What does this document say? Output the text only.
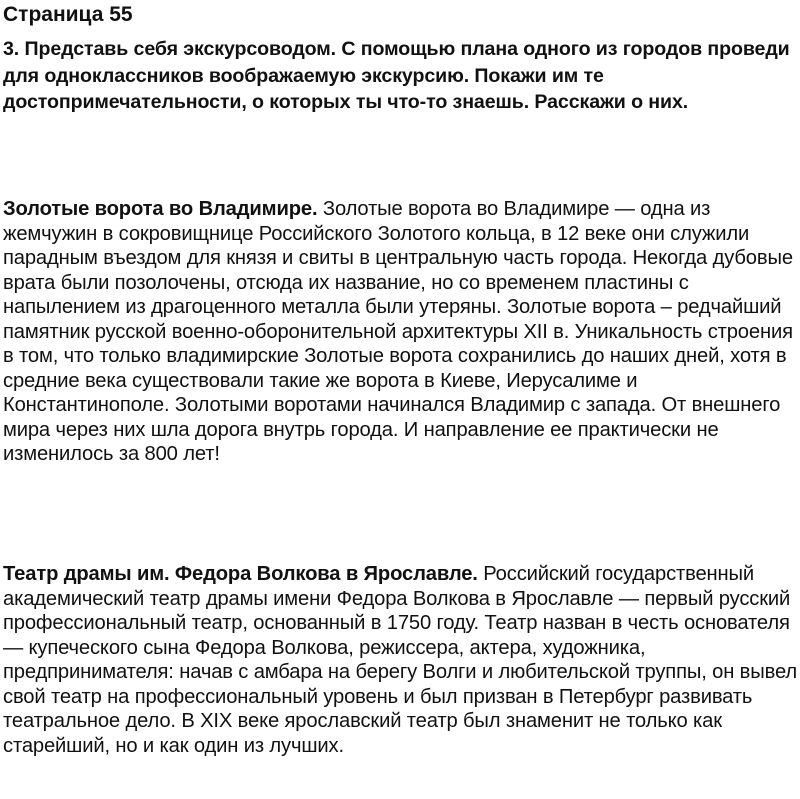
Страница 55
3. Представь себя экскурсоводом. С помощью плана одного из городов проведи для одноклассников воображаемую экскурсию. Покажи им те достопримечательности, о которых ты что-то знаешь. Расскажи о них.

Золотые ворота во Владимире. Золотые ворота во Владимире — одна из жемчужин в сокровищнице Российского Золотого кольца, в 12 веке они служили парадным въездом для князя и свиты в центральную часть города. Некогда дубовые врата были позолочены, отсюда их название, но со временем пластины с напылением из драгоценного металла были утеряны. Золотые ворота – редчайший памятник русской военно-оборонительной архитектуры XII в. Уникальность строения в том, что только владимирские Золотые ворота сохранились до наших дней, хотя в средние века существовали такие же ворота в Киеве, Иерусалиме и Константинополе. Золотыми воротами начинался Владимир с запада. От внешнего мира через них шла дорога внутрь города. И направление ее практически не изменилось за 800 лет!

Театр драмы им. Федора Волкова в Ярославле. Российский государственный академический театр драмы имени Федора Волкова в Ярославле — первый русский профессиональный театр, основанный в 1750 году. Театр назван в честь основателя — купеческого сына Федора Волкова, режиссера, актера, художника, предпринимателя: начав с амбара на берегу Волги и любительской труппы, он вывел свой театр на профессиональный уровень и был призван в Петербург развивать театральное дело. В XIX веке ярославский театр был знаменит не только как старейший, но и как один из лучших.
